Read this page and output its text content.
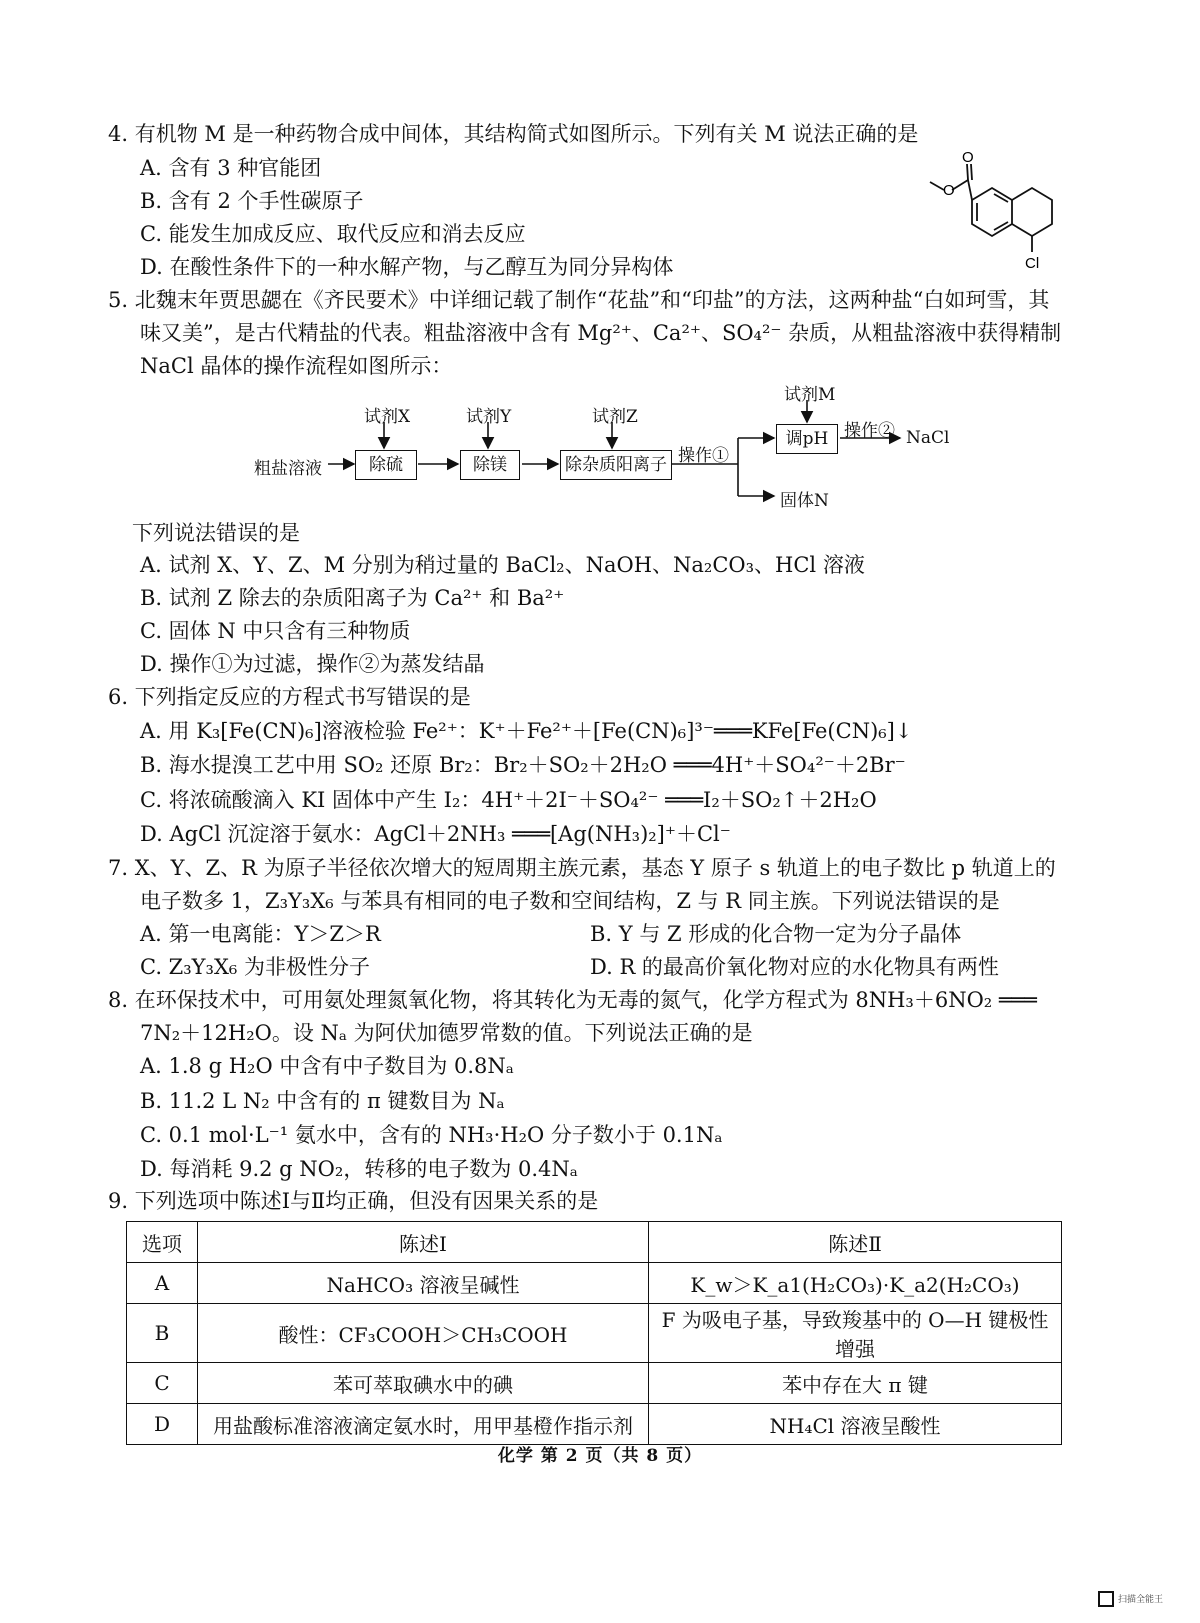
4. 有机物 M 是一种药物合成中间体，其结构简式如图所示。下列有关 M 说法正确的是
A. 含有 3 种官能团
B. 含有 2 个手性碳原子
C. 能发生加成反应、取代反应和消去反应
D. 在酸性条件下的一种水解产物，与乙醇互为同分异构体
O
O
Cl
5. 北魏末年贾思勰在《齐民要术》中详细记载了制作“花盐”和“印盐”的方法，这两种盐“白如珂雪，其
味又美”，是古代精盐的代表。粗盐溶液中含有 Mg²⁺、Ca²⁺、SO₄²⁻ 杂质，从粗盐溶液中获得精制
NaCl 晶体的操作流程如图所示：
粗盐溶液	除硫	除镁	除杂质阳离子
调pH
试剂X	试剂Y	试剂Z
试剂M
操作①
操作② NaCl
固体N
下列说法错误的是
A. 试剂 X、Y、Z、M 分别为稍过量的 BaCl₂、NaOH、Na₂CO₃、HCl 溶液
B. 试剂 Z 除去的杂质阳离子为 Ca²⁺ 和 Ba²⁺
C. 固体 N 中只含有三种物质
D. 操作①为过滤，操作②为蒸发结晶
6. 下列指定反应的方程式书写错误的是
A. 用 K₃[Fe(CN)₆]溶液检验 Fe²⁺：K⁺＋Fe²⁺＋[Fe(CN)₆]³⁻═══KFe[Fe(CN)₆]↓
B. 海水提溴工艺中用 SO₂ 还原 Br₂：Br₂＋SO₂＋2H₂O ═══4H⁺＋SO₄²⁻＋2Br⁻
C. 将浓硫酸滴入 KI 固体中产生 I₂：4H⁺＋2I⁻＋SO₄²⁻ ═══I₂＋SO₂↑＋2H₂O
D. AgCl 沉淀溶于氨水：AgCl＋2NH₃ ═══[Ag(NH₃)₂]⁺＋Cl⁻
7. X、Y、Z、R 为原子半径依次增大的短周期主族元素，基态 Y 原子 s 轨道上的电子数比 p 轨道上的
电子数多 1，Z₃Y₃X₆ 与苯具有相同的电子数和空间结构，Z 与 R 同主族。下列说法错误的是
A. 第一电离能：Y＞Z＞R	B. Y 与 Z 形成的化合物一定为分子晶体
C. Z₃Y₃X₆ 为非极性分子	D. R 的最高价氧化物对应的水化物具有两性
8. 在环保技术中，可用氨处理氮氧化物，将其转化为无毒的氮气，化学方程式为 8NH₃＋6NO₂ ═══
7N₂＋12H₂O。设 Nₐ 为阿伏加德罗常数的值。下列说法正确的是
A. 1.8 g H₂O 中含有中子数目为 0.8Nₐ
B. 11.2 L N₂ 中含有的 π 键数目为 Nₐ
C. 0.1 mol·L⁻¹ 氨水中，含有的 NH₃·H₂O 分子数小于 0.1Nₐ
D. 每消耗 9.2 g NO₂，转移的电子数为 0.4Nₐ
9. 下列选项中陈述Ⅰ与Ⅱ均正确，但没有因果关系的是
选项	陈述Ⅰ	陈述Ⅱ
A	NaHCO₃ 溶液呈碱性	K_w＞K_a1(H₂CO₃)·K_a2(H₂CO₃)
B	酸性：CF₃COOH＞CH₃COOH	F 为吸电子基，导致羧基中的 O—H 键极性增强
C	苯可萃取碘水中的碘	苯中存在大 π 键
D	用盐酸标准溶液滴定氨水时，用甲基橙作指示剂	NH₄Cl 溶液呈酸性
化学 第 2 页（共 8 页）
扫描全能王
